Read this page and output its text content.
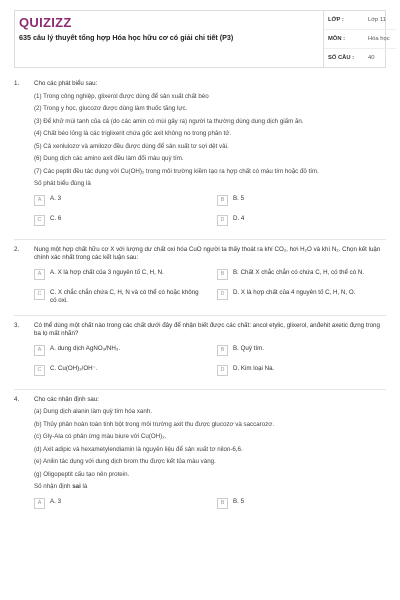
QUIZIZZ
635 câu lý thuyết tổng hợp Hóa học hữu cơ có giải chi tiết (P3)
LỚP :	Lớp 11
MÔN :	Hóa học
SỐ CÂU :	40
1.	Cho các phát biểu sau:
(1) Trong công nghiệp, glixerol được dùng để sản xuất chất béo
(2) Trong y học, glucozơ được dùng làm thuốc tăng lực.
(3) Để khử mùi tanh của cá (do các amin có mùi gây ra) người ta thường dùng dung dịch giấm ăn.
(4) Chất béo lỏng là các triglixerit chứa gốc axit không no trong phân tử.
(5) Cả xenlulozơ và amilozơ đều được dùng để sản xuất tơ sợi dệt vải.
(6) Dung dịch các amino axit đều làm đổi màu quỳ tím.
(7) Các peptit đều tác dụng với Cu(OH)₂ trong môi trường kiềm tạo ra hợp chất có màu tím hoặc đỏ tím.
Số phát biểu đúng là
A	A. 3	B	B. 5
C	C. 6	D	D. 4
2.	Nung một hợp chất hữu cơ X với lượng dư chất oxi hóa CuO người ta thấy thoát ra khí CO₂, hơi H₂O và khí N₂. Chọn kết luận chính xác nhất trong các kết luận sau:
A	A. X là hợp chất của 3 nguyên tố C, H, N.	B	B. Chất X chắc chắn có chứa C, H, có thể có N.
C	C. X chắc chắn chứa C, H, N và có thể có hoặc không có oxi.
D	D. X là hợp chất của 4 nguyên tố C, H, N, O.
3.	Có thể dùng một chất nào trong các chất dưới đây để nhận biết được các chất: ancol etylic, glixerol, anđehit axetic đựng trong ba lọ mất nhãn?
A	A. dung dịch AgNO₃/NH₃.	B	B. Quỳ tím.
C	C. Cu(OH)₂/OH⁻.	D	D. Kim loại Na.
4.	Cho các nhận định sau:
(a) Dung dịch alanin làm quỳ tím hóa xanh.
(b) Thủy phân hoàn toàn tinh bột trong môi trường axit thu được glucozơ và saccarozơ.
(c) Gly-Ala có phản ứng màu biure với Cu(OH)₂.
(d) Axit adipic và hexametylendiamin là nguyên liệu để sản xuất tơ nilon-6,6.
(e) Anilin tác dụng với dung dịch brom thu được kết tủa màu vàng.
(g) Oligopeptit cấu tạo nên protein.
Số nhận định sai là
A	A. 3	B	B. 5
